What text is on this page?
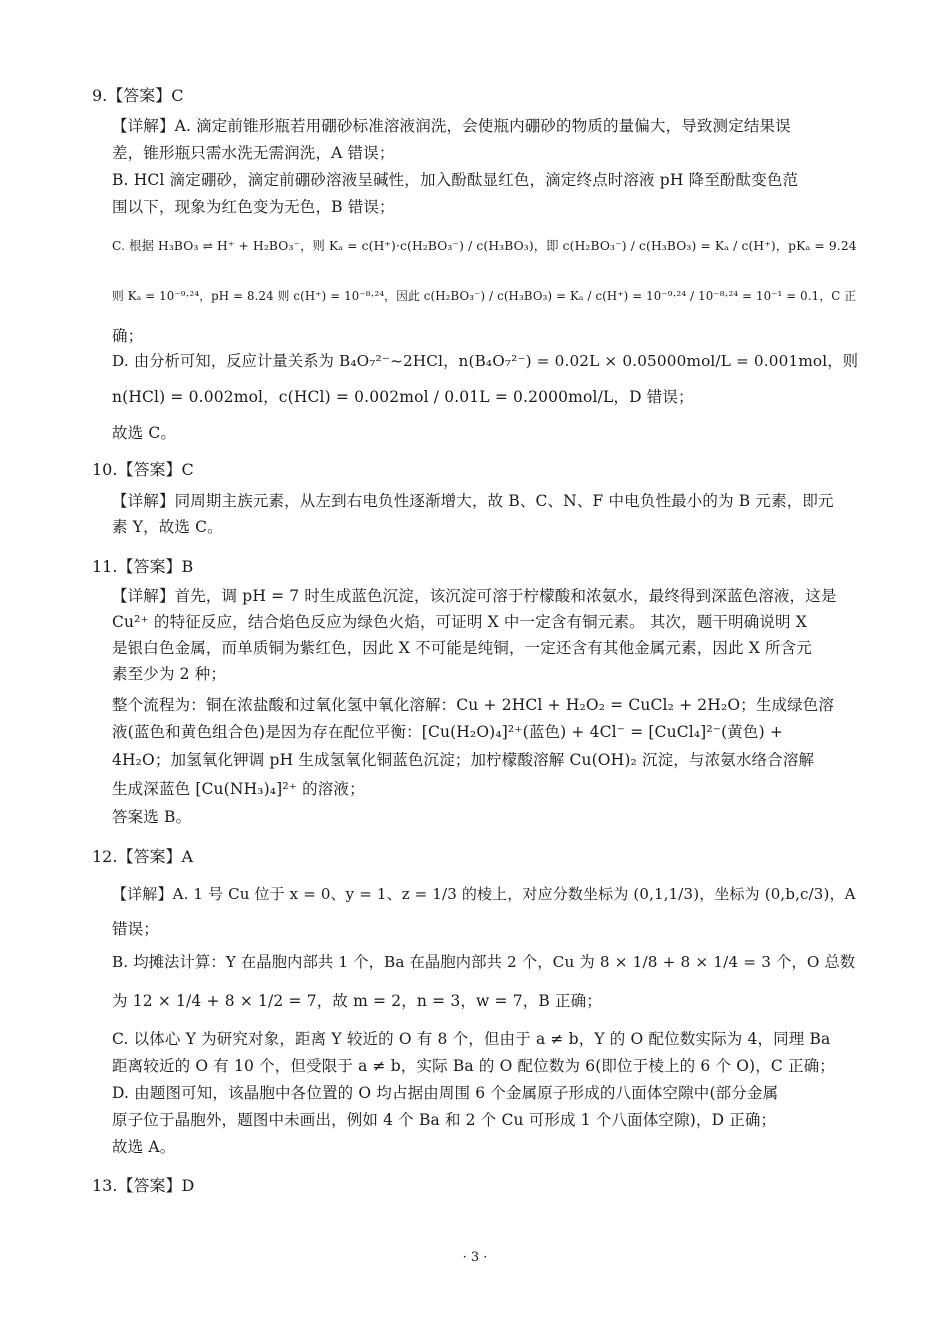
9.【答案】C
【详解】A. 滴定前锥形瓶若用硼砂标准溶液润洗，会使瓶内硼砂的物质的量偏大，导致测定结果误
差，锥形瓶只需水洗无需润洗，A 错误；
B. HCl 滴定硼砂，滴定前硼砂溶液呈碱性，加入酚酞显红色，滴定终点时溶液 pH 降至酚酞变色范
围以下，现象为红色变为无色，B 错误；
C. 根据 H₃BO₃ ⇌ H⁺ + H₂BO₃⁻，则 Kₐ = c(H⁺)·c(H₂BO₃⁻) / c(H₃BO₃)，即 c(H₂BO₃⁻) / c(H₃BO₃) = Kₐ / c(H⁺)，pKₐ = 9.24
则 Kₐ = 10⁻⁹·²⁴，pH = 8.24 则 c(H⁺) = 10⁻⁸·²⁴，因此 c(H₂BO₃⁻) / c(H₃BO₃) = Kₐ / c(H⁺) = 10⁻⁹·²⁴ / 10⁻⁸·²⁴ = 10⁻¹ = 0.1，C 正
确；
D. 由分析可知，反应计量关系为 B₄O₇²⁻~2HCl，n(B₄O₇²⁻) = 0.02L × 0.05000mol/L = 0.001mol，则
n(HCl) = 0.002mol，c(HCl) = 0.002mol / 0.01L = 0.2000mol/L，D 错误；
故选 C。
10.【答案】C
【详解】同周期主族元素，从左到右电负性逐渐增大，故 B、C、N、F 中电负性最小的为 B 元素，即元
素 Y，故选 C。
11.【答案】B
【详解】首先，调 pH = 7 时生成蓝色沉淀，该沉淀可溶于柠檬酸和浓氨水，最终得到深蓝色溶液，这是
Cu²⁺ 的特征反应，结合焰色反应为绿色火焰，可证明 X 中一定含有铜元素。 其次，题干明确说明 X
是银白色金属，而单质铜为紫红色，因此 X 不可能是纯铜，一定还含有其他金属元素，因此 X 所含元
素至少为 2 种；
整个流程为：铜在浓盐酸和过氧化氢中氧化溶解：Cu + 2HCl + H₂O₂ = CuCl₂ + 2H₂O；生成绿色溶
液(蓝色和黄色组合色)是因为存在配位平衡：[Cu(H₂O)₄]²⁺(蓝色) + 4Cl⁻ = [CuCl₄]²⁻(黄色) +
4H₂O；加氢氧化钾调 pH 生成氢氧化铜蓝色沉淀；加柠檬酸溶解 Cu(OH)₂ 沉淀，与浓氨水络合溶解
生成深蓝色 [Cu(NH₃)₄]²⁺ 的溶液；
答案选 B。
12.【答案】A
【详解】A. 1 号 Cu 位于 x = 0、y = 1、z = 1/3 的棱上，对应分数坐标为 (0,1,1/3)，坐标为 (0,b,c/3)，A
错误；
B. 均摊法计算：Y 在晶胞内部共 1 个，Ba 在晶胞内部共 2 个，Cu 为 8 × 1/8 + 8 × 1/4 = 3 个，O 总数
为 12 × 1/4 + 8 × 1/2 = 7，故 m = 2，n = 3，w = 7，B 正确；
C. 以体心 Y 为研究对象，距离 Y 较近的 O 有 8 个，但由于 a ≠ b，Y 的 O 配位数实际为 4，同理 Ba
距离较近的 O 有 10 个，但受限于 a ≠ b，实际 Ba 的 O 配位数为 6(即位于棱上的 6 个 O)，C 正确；
D. 由题图可知，该晶胞中各位置的 O 均占据由周围 6 个金属原子形成的八面体空隙中(部分金属
原子位于晶胞外，题图中未画出，例如 4 个 Ba 和 2 个 Cu 可形成 1 个八面体空隙)，D 正确；
故选 A。
13.【答案】D
· 3 ·
